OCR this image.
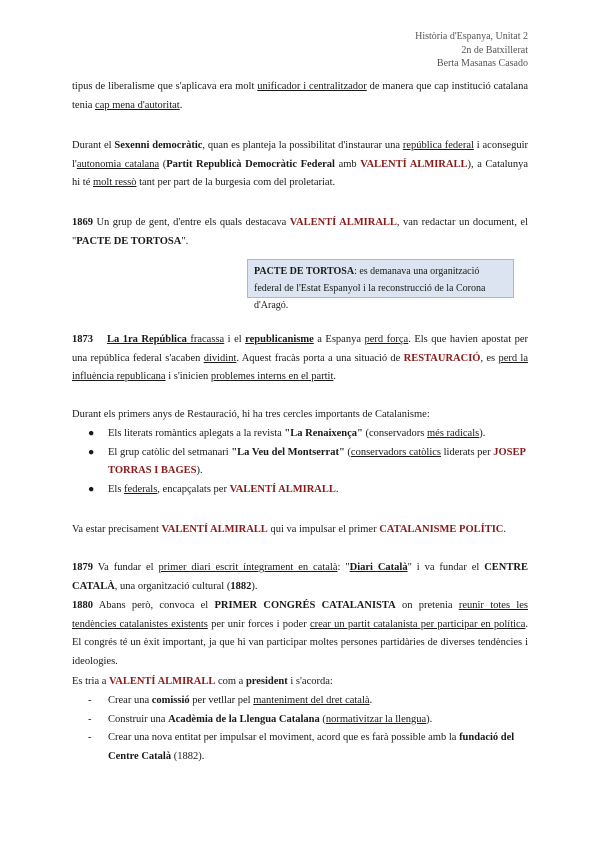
Història d'Espanya, Unitat 2
2n de Batxillerat
Berta Masanas Casado
tipus de liberalisme que s'aplicava era molt unificador i centralitzador de manera que cap institució catalana tenia cap mena d'autoritat.
Durant el Sexenni democràtic, quan es planteja la possibilitat d'instaurar una república federal i aconseguir l'autonomia catalana (Partit Republicà Democràtic Federal amb VALENTÍ ALMIRALL), a Catalunya hi té molt ressò tant per part de la burgesia com del proletariat.
1869 Un grup de gent, d'entre els quals destacava VALENTÍ ALMIRALL, van redactar un document, el "PACTE DE TORTOSA".
PACTE DE TORTOSA: es demanava una organització federal de l'Estat Espanyol i la reconstrucció de la Corona d'Aragó.
1873 La 1ra República fracassa i el republicanisme a Espanya perd força. Els que havien apostat per una república federal s'acaben dividint. Aquest fracàs porta a una situació de RESTAURACIÓ, es perd la influència republicana i s'inicien problemes interns en el partit.
Durant els primers anys de Restauració, hi ha tres cercles importants de Catalanisme:
● Els literats romàntics aplegats a la revista "La Renaixença" (conservadors més radicals).
● El grup catòlic del setmanari "La Veu del Montserrat" (conservadors catòlics liderats per JOSEP TORRAS I BAGES).
● Els federals, encapçalats per VALENTÍ ALMIRALL.
Va estar precisament VALENTÍ ALMIRALL qui va impulsar el primer CATALANISME POLÍTIC.
1879 Va fundar el primer diari escrit íntegrament en català: "Diari Català" i va fundar el CENTRE CATALÀ, una organització cultural (1882).
1880 Abans però, convoca el PRIMER CONGRÉS CATALANISTA on pretenia reunir totes les tendències catalanistes existents per unir forces i poder crear un partit catalanista per participar en política. El congrés té un èxit important, ja que hi van participar moltes persones partidàries de diverses tendències i ideologies.
Es tria a VALENTÍ ALMIRALL com a president i s'acorda:
- Crear una comissió per vetllar pel manteniment del dret català.
- Construir una Acadèmia de la Llengua Catalana (normativitzar la llengua).
- Crear una nova entitat per impulsar el moviment, acord que es farà possible amb la fundació del Centre Català (1882).
